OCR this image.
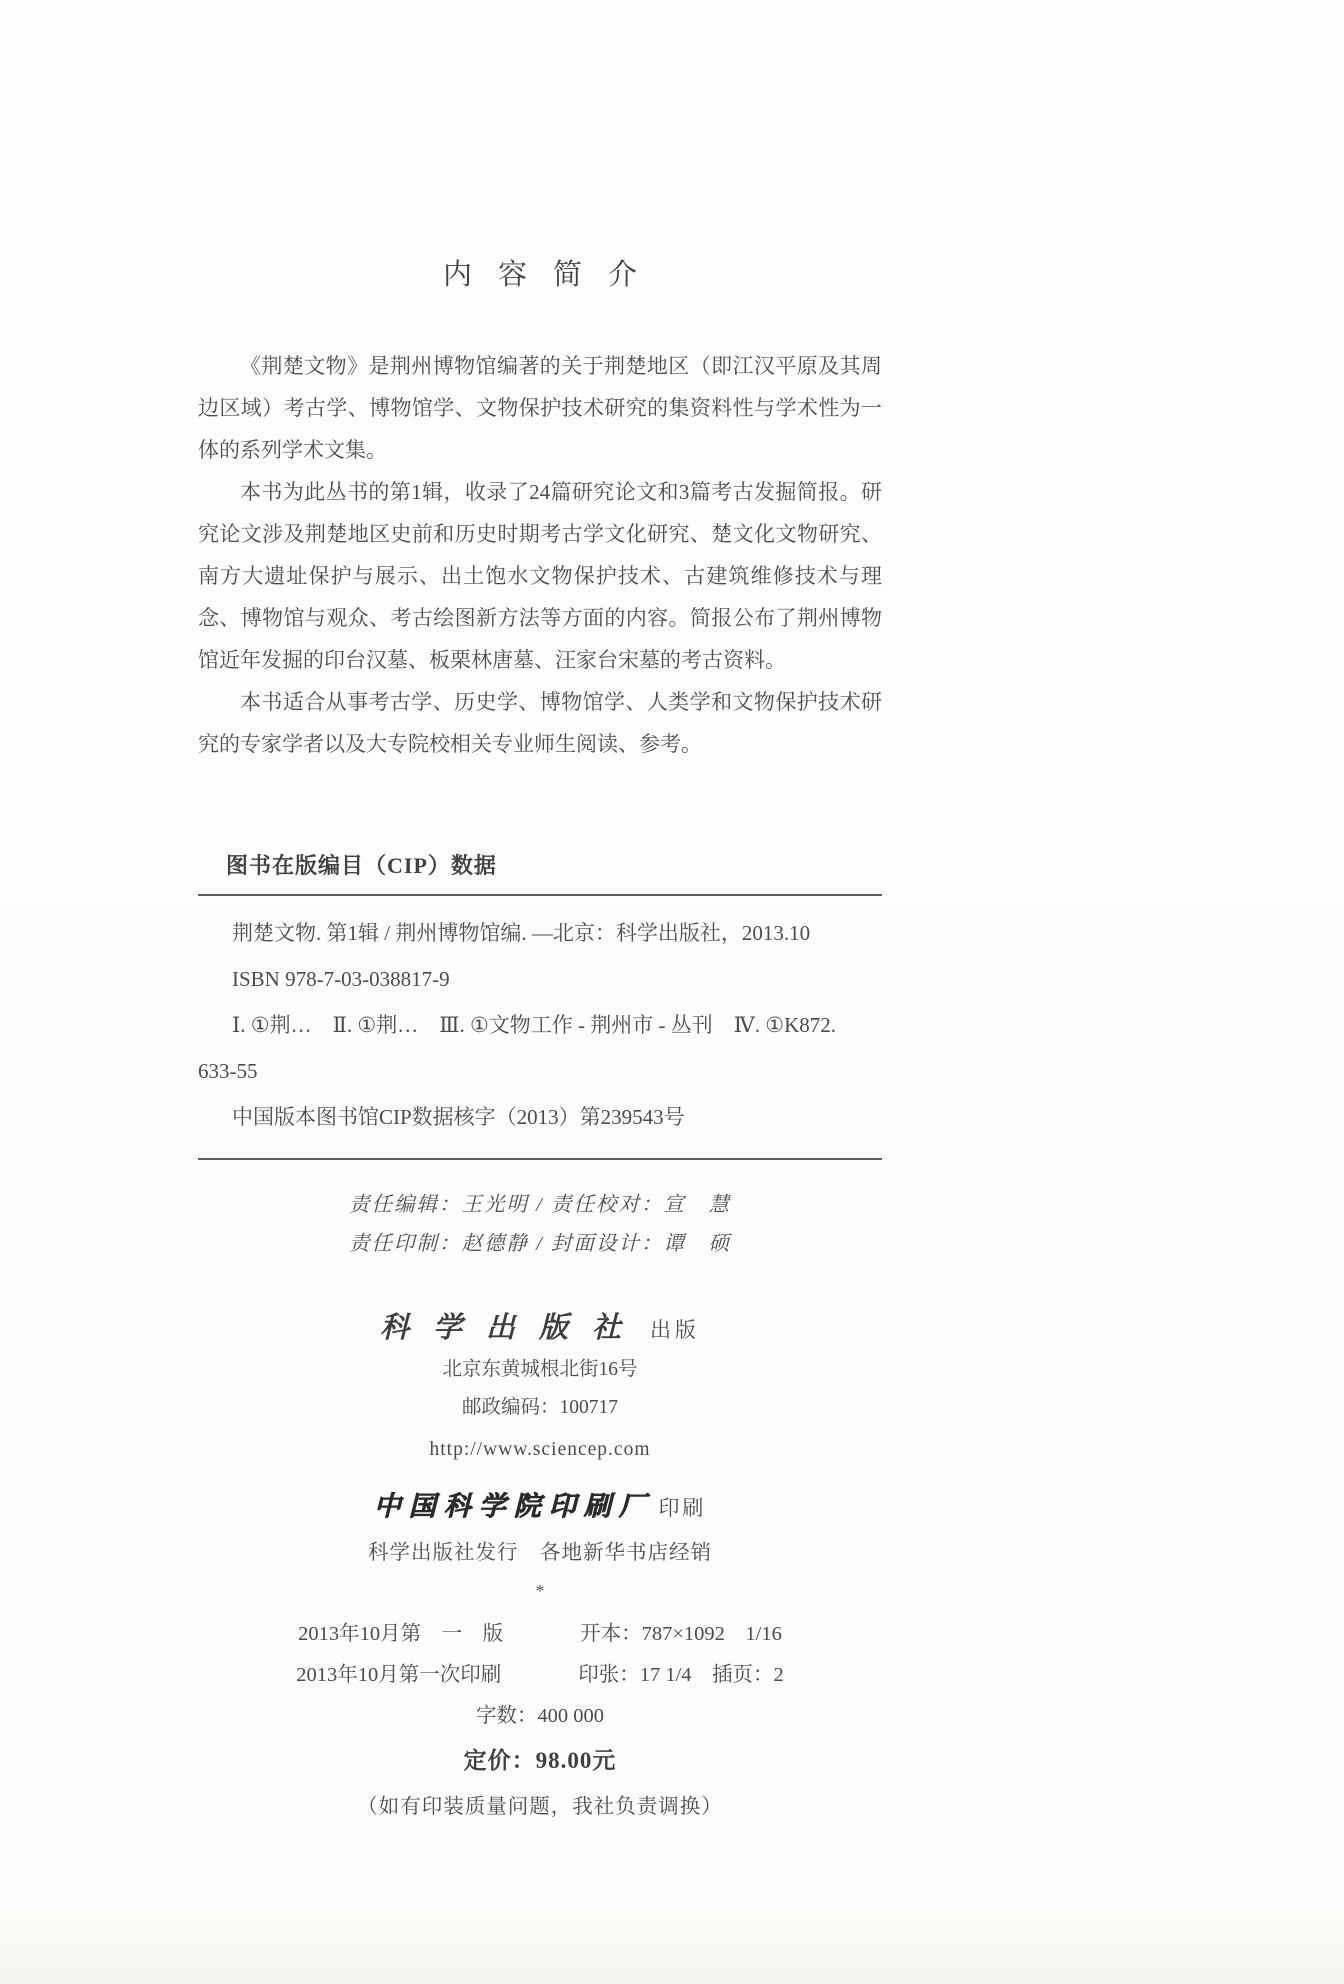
内容简介
《荆楚文物》是荆州博物馆编著的关于荆楚地区（即江汉平原及其周
边区域）考古学、博物馆学、文物保护技术研究的集资料性与学术性为一
体的系列学术文集。
本书为此丛书的第1辑，收录了24篇研究论文和3篇考古发掘简报。研
究论文涉及荆楚地区史前和历史时期考古学文化研究、楚文化文物研究、
南方大遗址保护与展示、出土饱水文物保护技术、古建筑维修技术与理
念、博物馆与观众、考古绘图新方法等方面的内容。简报公布了荆州博物
馆近年发掘的印台汉墓、板栗林唐墓、汪家台宋墓的考古资料。
本书适合从事考古学、历史学、博物馆学、人类学和文物保护技术研
究的专家学者以及大专院校相关专业师生阅读、参考。
图书在版编目（CIP）数据
荆楚文物. 第1辑 / 荆州博物馆编. —北京：科学出版社，2013.10
ISBN 978-7-03-038817-9
Ⅰ. ①荆…　Ⅱ. ①荆…　Ⅲ. ①文物工作 - 荆州市 - 丛刊　Ⅳ. ①K872.
633-55
中国版本图书馆CIP数据核字（2013）第239543号
责任编辑：王光明 / 责任校对：宣　慧
责任印制：赵德静 / 封面设计：谭　硕
科学出版社 出版
北京东黄城根北街16号
邮政编码：100717
http://www.sciencep.com
中国科学院印刷厂 印刷
科学出版社发行　各地新华书店经销
*
2013年10月第　一　版	开本：787×1092　1/16
2013年10月第一次印刷	印张：17 1/4　插页：2
字数：400 000
定价：98.00元
（如有印装质量问题，我社负责调换）
